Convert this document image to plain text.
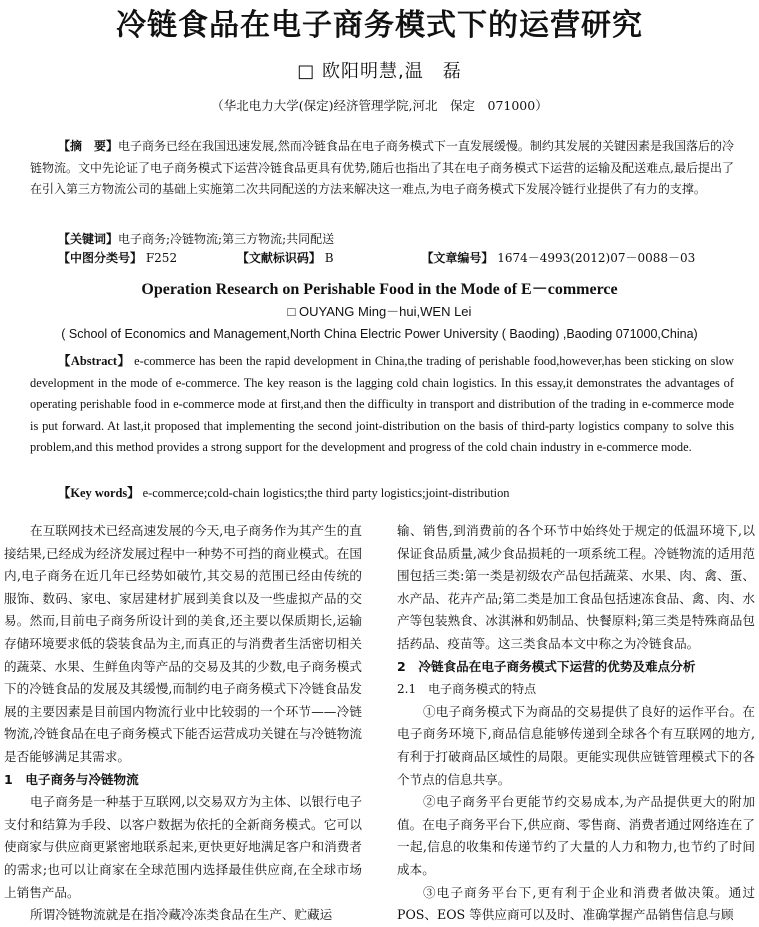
冷链食品在电子商务模式下的运营研究
□ 欧阳明慧,温　磊
（华北电力大学(保定)经济管理学院,河北　保定　071000）

【摘　要】电子商务已经在我国迅速发展,然而冷链食品在电子商务模式下一直发展缓慢。制约其发展的关键因素是我国落后的冷链物流。文中先论证了电子商务模式下运营冷链食品更具有优势,随后也指出了其在电子商务模式下运营的运输及配送难点,最后提出了在引入第三方物流公司的基础上实施第二次共同配送的方法来解决这一难点,为电子商务模式下发展冷链行业提供了有力的支撑。

【关键词】电子商务;冷链物流;第三方物流;共同配送
【中图分类号】 F252	【文献标识码】 B	【文章编号】 1674－4993(2012)07－0088－03
Operation Research on Perishable Food in the Mode of E－commerce
□ OUYANG Ming－hui,WEN Lei
( School of Economics and Management,North China Electric Power University ( Baoding) ,Baoding 071000,China)

【Abstract】 e-commerce has been the rapid development in China,the trading of perishable food,however,has been sticking on slow development in the mode of e-commerce. The key reason is the lagging cold chain logistics. In this essay,it demonstrates the advantages of operating perishable food in e-commerce mode at first,and then the difficulty in transport and distribution of the trading in e-commerce mode is put forward. At last,it proposed that implementing the second joint-distribution on the basis of third-party logistics company to solve this problem,and this method provides a strong support for the development and progress of the cold chain industry in e-commerce mode.

【Key words】 e-commerce;cold-chain logistics;the third party logistics;joint-distribution

在互联网技术已经高速发展的今天,电子商务作为其产生的直接结果,已经成为经济发展过程中一种势不可挡的商业模式。在国内,电子商务在近几年已经势如破竹,其交易的范围已经由传统的服饰、数码、家电、家居建材扩展到美食以及一些虚拟产品的交易。然而,目前电子商务所设计到的美食,还主要以保质期长,运输存储环境要求低的袋装食品为主,而真正的与消费者生活密切相关的蔬菜、水果、生鲜鱼肉等产品的交易及其的少数,电子商务模式下的冷链食品的发展及其缓慢,而制约电子商务模式下冷链食品发展的主要因素是目前国内物流行业中比较弱的一个环节——冷链物流,冷链食品在电子商务模式下能否运营成功关键在与冷链物流是否能够满足其需求。

1　电子商务与冷链物流

电子商务是一种基于互联网,以交易双方为主体、以银行电子支付和结算为手段、以客户数据为依托的全新商务模式。它可以使商家与供应商更紧密地联系起来,更快更好地满足客户和消费者的需求;也可以让商家在全球范围内选择最佳供应商,在全球市场上销售产品。

所谓冷链物流就是在指冷藏冷冻类食品在生产、贮藏运

输、销售,到消费前的各个环节中始终处于规定的低温环境下,以保证食品质量,减少食品损耗的一项系统工程。冷链物流的适用范围包括三类:第一类是初级农产品包括蔬菜、水果、肉、禽、蛋、水产品、花卉产品;第二类是加工食品包括速冻食品、禽、肉、水产等包装熟食、冰淇淋和奶制品、快餐原料;第三类是特殊商品包括药品、疫苗等。这三类食品本文中称之为冷链食品。

2　冷链食品在电子商务模式下运营的优势及难点分析

2.1　电子商务模式的特点

①电子商务模式下为商品的交易提供了良好的运作平台。在电子商务环境下,商品信息能够传递到全球各个有互联网的地方,有利于打破商品区域性的局限。更能实现供应链管理模式下的各个节点的信息共享。

②电子商务平台更能节约交易成本,为产品提供更大的附加值。在电子商务平台下,供应商、零售商、消费者通过网络连在了一起,信息的收集和传递节约了大量的人力和物力,也节约了时间成本。

③电子商务平台下,更有利于企业和消费者做决策。通过 POS、EOS 等供应商可以及时、准确掌握产品销售信息与顾
